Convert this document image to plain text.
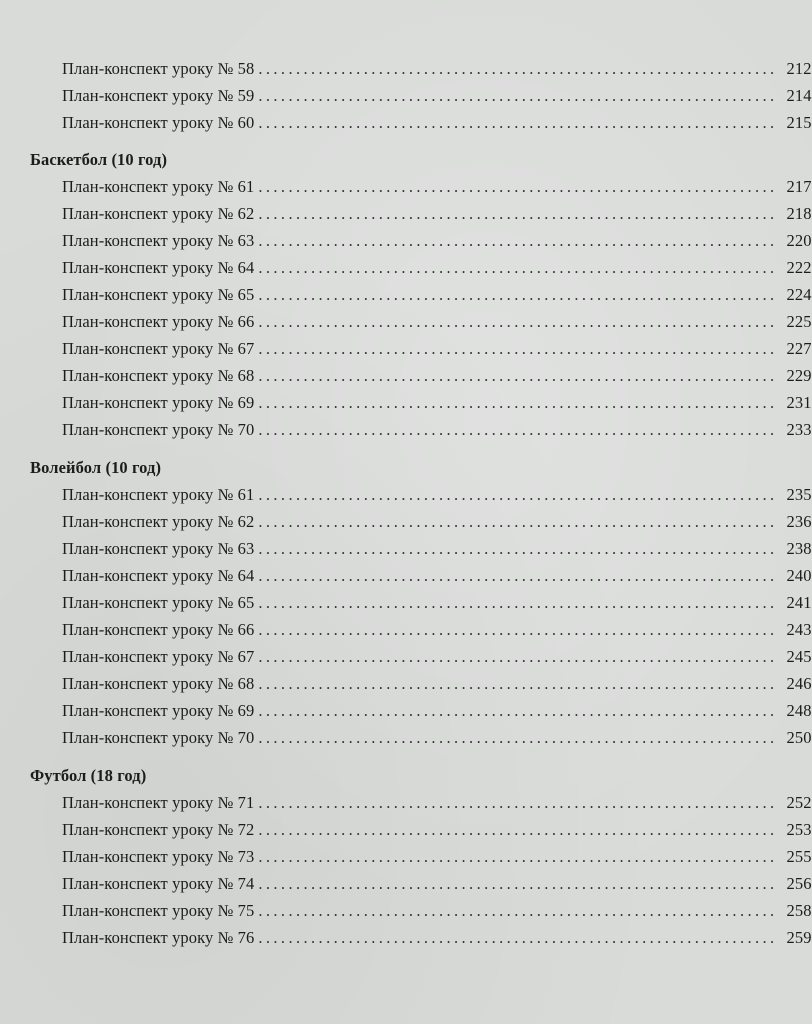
План-конспект уроку № 58 ..................................................................... 212
План-конспект уроку № 59 ..................................................................... 214
План-конспект уроку № 60 ..................................................................... 215
Баскетбол (10 год)
План-конспект уроку № 61 ..................................................................... 217
План-конспект уроку № 62 ..................................................................... 218
План-конспект уроку № 63 ..................................................................... 220
План-конспект уроку № 64 ..................................................................... 222
План-конспект уроку № 65 ..................................................................... 224
План-конспект уроку № 66 ..................................................................... 225
План-конспект уроку № 67 ..................................................................... 227
План-конспект уроку № 68 ..................................................................... 229
План-конспект уроку № 69 ..................................................................... 231
План-конспект уроку № 70 ..................................................................... 233
Волейбол (10 год)
План-конспект уроку № 61 ..................................................................... 235
План-конспект уроку № 62 ..................................................................... 236
План-конспект уроку № 63 ..................................................................... 238
План-конспект уроку № 64 ..................................................................... 240
План-конспект уроку № 65 ..................................................................... 241
План-конспект уроку № 66 ..................................................................... 243
План-конспект уроку № 67 ..................................................................... 245
План-конспект уроку № 68 ..................................................................... 246
План-конспект уроку № 69 ..................................................................... 248
План-конспект уроку № 70 ..................................................................... 250
Футбол (18 год)
План-конспект уроку № 71 ..................................................................... 252
План-конспект уроку № 72 ..................................................................... 253
План-конспект уроку № 73 ..................................................................... 255
План-конспект уроку № 74 ..................................................................... 256
План-конспект уроку № 75 ..................................................................... 258
План-конспект уроку № 76 ..................................................................... 259
